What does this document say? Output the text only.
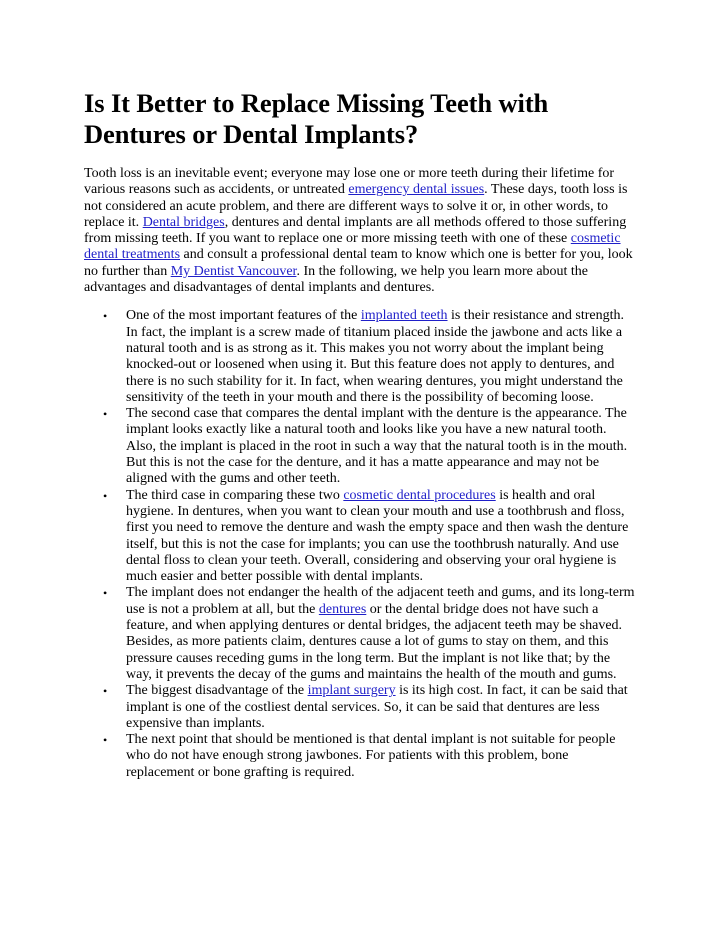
Is It Better to Replace Missing Teeth with Dentures or Dental Implants?

Tooth loss is an inevitable event; everyone may lose one or more teeth during their lifetime for various reasons such as accidents, or untreated emergency dental issues. These days, tooth loss is not considered an acute problem, and there are different ways to solve it or, in other words, to replace it. Dental bridges, dentures and dental implants are all methods offered to those suffering from missing teeth. If you want to replace one or more missing teeth with one of these cosmetic dental treatments and consult a professional dental team to know which one is better for you, look no further than My Dentist Vancouver. In the following, we help you learn more about the advantages and disadvantages of dental implants and dentures.

• One of the most important features of the implanted teeth is their resistance and strength. In fact, the implant is a screw made of titanium placed inside the jawbone and acts like a natural tooth and is as strong as it. This makes you not worry about the implant being knocked-out or loosened when using it. But this feature does not apply to dentures, and there is no such stability for it. In fact, when wearing dentures, you might understand the sensitivity of the teeth in your mouth and there is the possibility of becoming loose.
• The second case that compares the dental implant with the denture is the appearance. The implant looks exactly like a natural tooth and looks like you have a new natural tooth. Also, the implant is placed in the root in such a way that the natural tooth is in the mouth. But this is not the case for the denture, and it has a matte appearance and may not be aligned with the gums and other teeth.
• The third case in comparing these two cosmetic dental procedures is health and oral hygiene. In dentures, when you want to clean your mouth and use a toothbrush and floss, first you need to remove the denture and wash the empty space and then wash the denture itself, but this is not the case for implants; you can use the toothbrush naturally. And use dental floss to clean your teeth. Overall, considering and observing your oral hygiene is much easier and better possible with dental implants.
• The implant does not endanger the health of the adjacent teeth and gums, and its long-term use is not a problem at all, but the dentures or the dental bridge does not have such a feature, and when applying dentures or dental bridges, the adjacent teeth may be shaved. Besides, as more patients claim, dentures cause a lot of gums to stay on them, and this pressure causes receding gums in the long term. But the implant is not like that; by the way, it prevents the decay of the gums and maintains the health of the mouth and gums.
• The biggest disadvantage of the implant surgery is its high cost. In fact, it can be said that implant is one of the costliest dental services. So, it can be said that dentures are less expensive than implants.
• The next point that should be mentioned is that dental implant is not suitable for people who do not have enough strong jawbones. For patients with this problem, bone replacement or bone grafting is required.
